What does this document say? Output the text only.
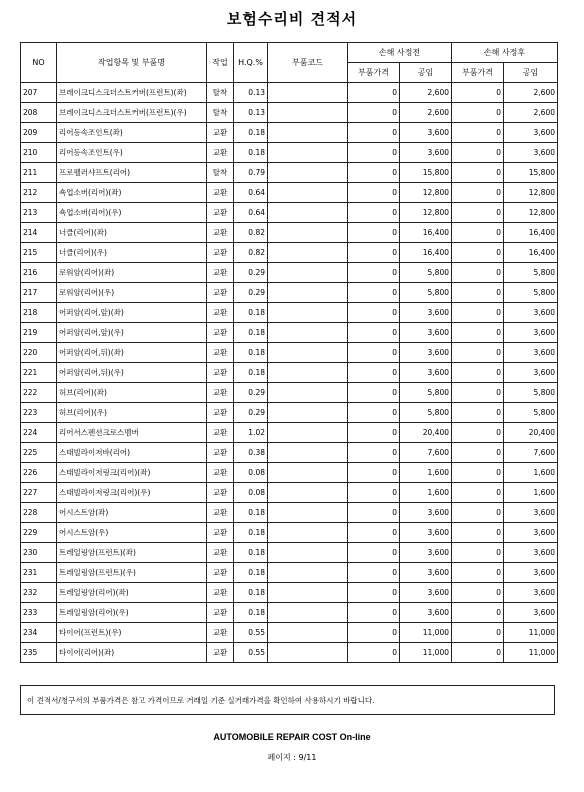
보험수리비 견적서
NO	작업항목 및 부품명	작업	H.Q.%	부품코드	손해 사정전		손해 사정후	
					부품가격	공임	부품가격	공임
207	브레이크디스크더스트커버(프런트)(좌)	탈착	0.13		0	2,600	0	2,600
208	브레이크디스크더스트커버(프런트)(우)	탈착	0.13		0	2,600	0	2,600
209	리어등속조인트(좌)	교환	0.18		0	3,600	0	3,600
210	리어등속조인트(우)	교환	0.18		0	3,600	0	3,600
211	프로펠러샤프트(리어)	탈착	0.79		0	15,800	0	15,800
212	쇽업소버(리어)(좌)	교환	0.64		0	12,800	0	12,800
213	쇽업소버(리어)(우)	교환	0.64		0	12,800	0	12,800
214	너클(리어)(좌)	교환	0.82		0	16,400	0	16,400
215	너클(리어)(우)	교환	0.82		0	16,400	0	16,400
216	로워암(리어)(좌)	교환	0.29		0	5,800	0	5,800
217	로워암(리어)(우)	교환	0.29		0	5,800	0	5,800
218	어퍼암(리어,앞)(좌)	교환	0.18		0	3,600	0	3,600
219	어퍼암(리어,앞)(우)	교환	0.18		0	3,600	0	3,600
220	어퍼암(리어,뒤)(좌)	교환	0.18		0	3,600	0	3,600
221	어퍼암(리어,뒤)(우)	교환	0.18		0	3,600	0	3,600
222	허브(리어)(좌)	교환	0.29		0	5,800	0	5,800
223	허브(리어)(우)	교환	0.29		0	5,800	0	5,800
224	리어서스펜션크로스멤버	교환	1.02		0	20,400	0	20,400
225	스태빌라이저바(리어)	교환	0.38		0	7,600	0	7,600
226	스태빌라이저링크(리어)(좌)	교환	0.08		0	1,600	0	1,600
227	스태빌라이저링크(리어)(우)	교환	0.08		0	1,600	0	1,600
228	어시스트암(좌)	교환	0.18		0	3,600	0	3,600
229	어시스트암(우)	교환	0.18		0	3,600	0	3,600
230	트레일링암(프런트)(좌)	교환	0.18		0	3,600	0	3,600
231	트레일링암(프런트)(우)	교환	0.18		0	3,600	0	3,600
232	트레일링암(리어)(좌)	교환	0.18		0	3,600	0	3,600
233	트레일링암(리어)(우)	교환	0.18		0	3,600	0	3,600
234	타이어(프런트)(우)	교환	0.55		0	11,000	0	11,000
235	타이어(리어)(좌)	교환	0.55		0	11,000	0	11,000
이 견적서/청구서의 부품가격은 참고 가격이므로 거래일 기준 실거래가격을 확인하여 사용하시기 바랍니다.
AUTOMOBILE REPAIR COST On-line
페이지 : 9/11
